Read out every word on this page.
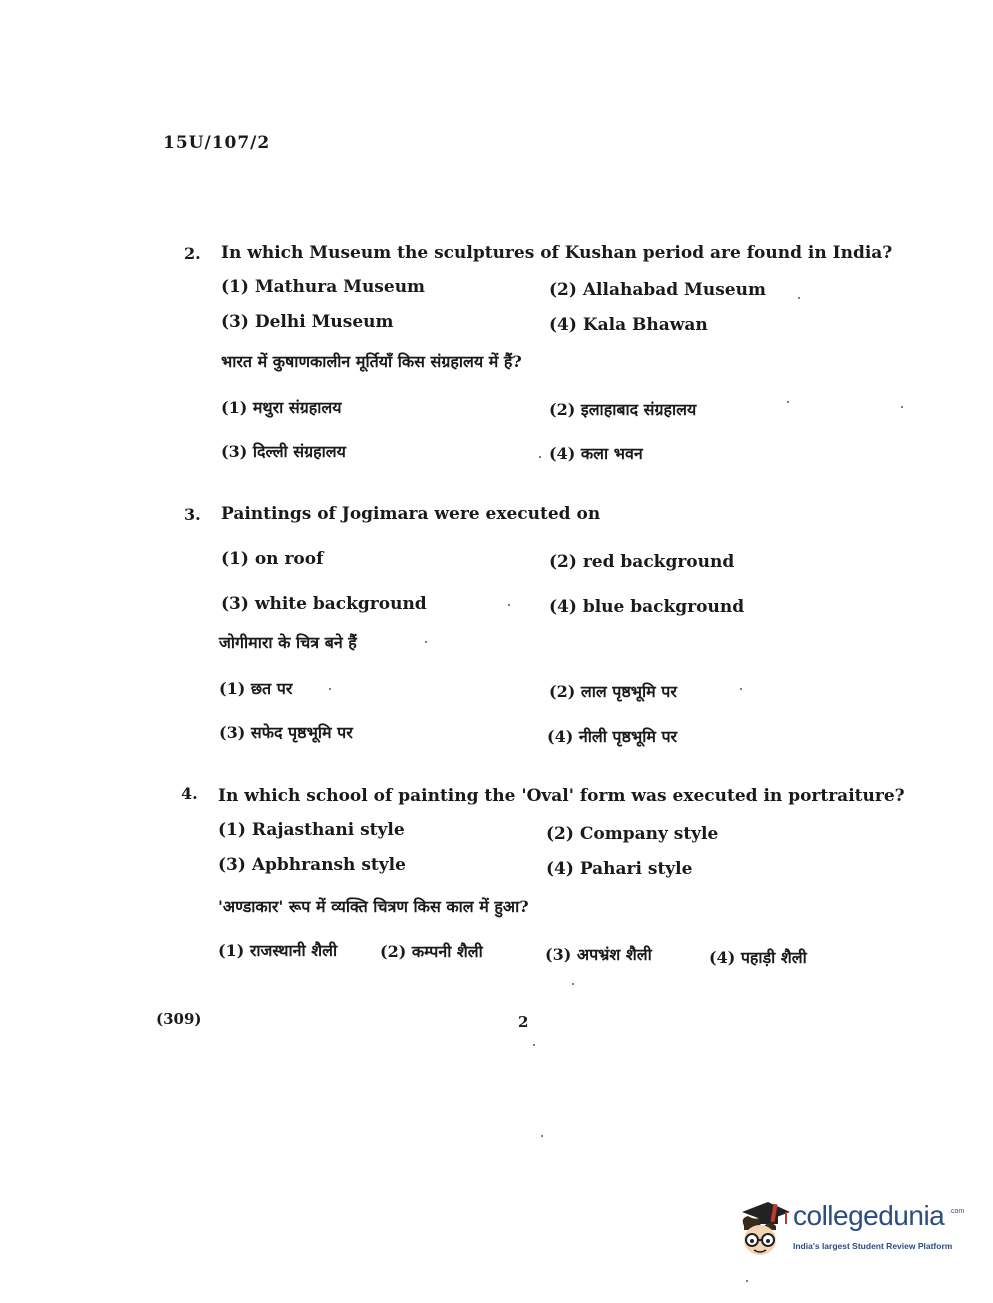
15U/107/2
2. In which Museum the sculptures of Kushan period are found in India?
(1) Mathura Museum	(2) Allahabad Museum
(3) Delhi Museum	(4) Kala Bhawan
भारत में कुषाणकालीन मूर्तियाँ किस संग्रहालय में हैं?
(1) मथुरा संग्रहालय	(2) इलाहाबाद संग्रहालय
(3) दिल्ली संग्रहालय	(4) कला भवन
3. Paintings of Jogimara were executed on
(1) on roof	(2) red background
(3) white background	(4) blue background
जोगीमारा के चित्र बने हैं
(1) छत पर	(2) लाल पृष्ठभूमि पर
(3) सफेद पृष्ठभूमि पर	(4) नीली पृष्ठभूमि पर
4. In which school of painting the 'Oval' form was executed in portraiture?
(1) Rajasthani style	(2) Company style
(3) Apbhransh style	(4) Pahari style
'अण्डाकार' रूप में व्यक्ति चित्रण किस काल में हुआ?
(1) राजस्थानी शैली	(2) कम्पनी शैली	(3) अपभ्रंश शैली	(4) पहाड़ी शैली
(309)	2
collegedunia .com
India's largest Student Review Platform
